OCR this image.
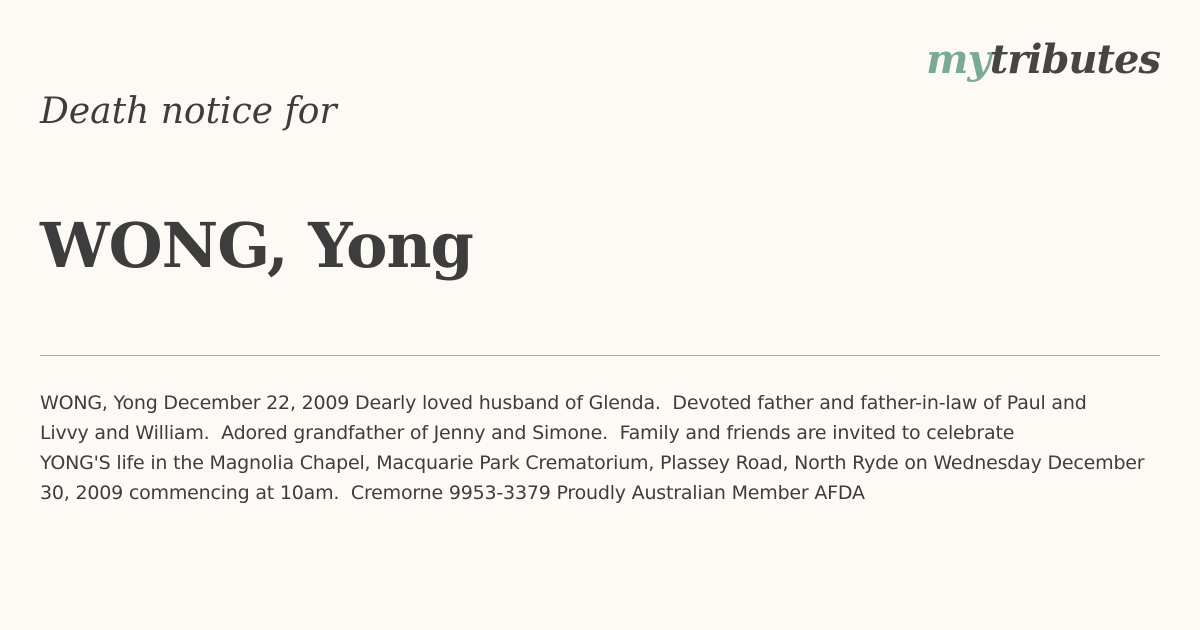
mytributes
Death notice for
WONG, Yong
WONG, Yong December 22, 2009 Dearly loved husband of Glenda.  Devoted father and father-in-law of Paul and
Livvy and William.  Adored grandfather of Jenny and Simone.  Family and friends are invited to celebrate
YONG'S life in the Magnolia Chapel, Macquarie Park Crematorium, Plassey Road, North Ryde on Wednesday December
30, 2009 commencing at 10am.  Cremorne 9953-3379 Proudly Australian Member AFDA
